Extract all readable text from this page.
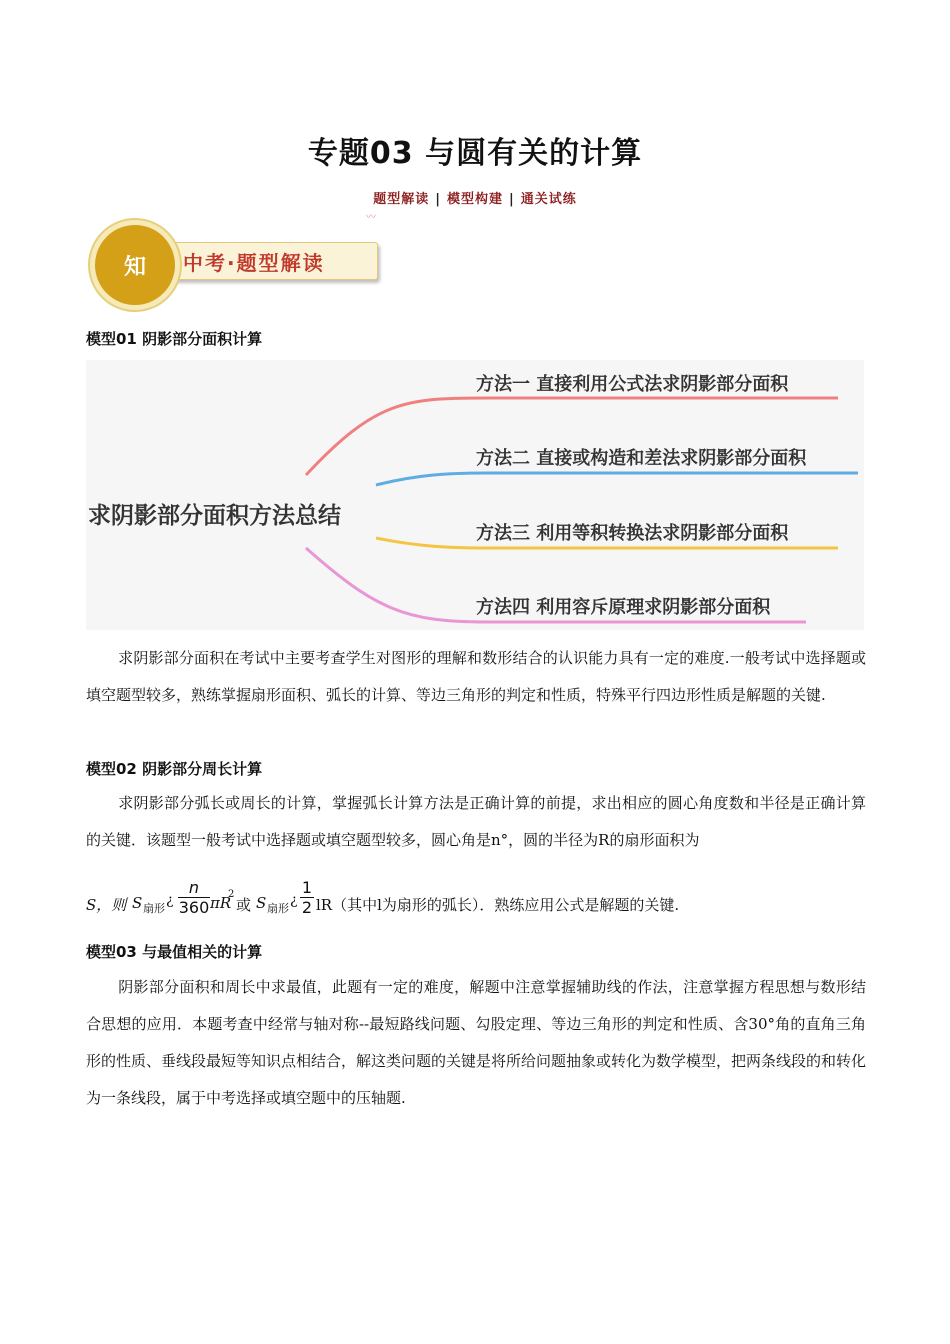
专题03 与圆有关的计算
题型解读 | 模型构建 | 通关试练
〰
中考·题型解读
知
模型01 阴影部分面积计算
求阴影部分面积方法总结
方法一 直接利用公式法求阴影部分面积
方法二 直接或构造和差法求阴影部分面积
方法三 利用等积转换法求阴影部分面积
方法四 利用容斥原理求阴影部分面积
求阴影部分面积在考试中主要考查学生对图形的理解和数形结合的认识能力具有一定的难度.一般考试中选择题或填空题型较多，熟练掌握扇形面积、弧长的计算、等边三角形的判定和性质，特殊平行四边形性质是解题的关键.
模型02 阴影部分周长计算
求阴影部分弧长或周长的计算，掌握弧长计算方法是正确计算的前提，求出相应的圆心角度数和半径是正确计算的关键．该题型一般考试中选择题或填空题型较多，圆心角是n°，圆的半径为R的扇形面积为
S，则 S 扇形
¿ $\frac{n}{360}$ πR
2
或 S 扇形
¿ $\frac{1}{2} lR$（其中l为扇形的弧长）．熟练应用公式是解题的关键.
模型03 与最值相关的计算
阴影部分面积和周长中求最值，此题有一定的难度，解题中注意掌握辅助线的作法，注意掌握方程思想与数形结合思想的应用．本题考查中经常与轴对称--最短路线问题、勾股定理、等边三角形的判定和性质、含30°角的直角三角形的性质、垂线段最短等知识点相结合，解这类问题的关键是将所给问题抽象或转化为数学模型，把两条线段的和转化为一条线段，属于中考选择或填空题中的压轴题.
